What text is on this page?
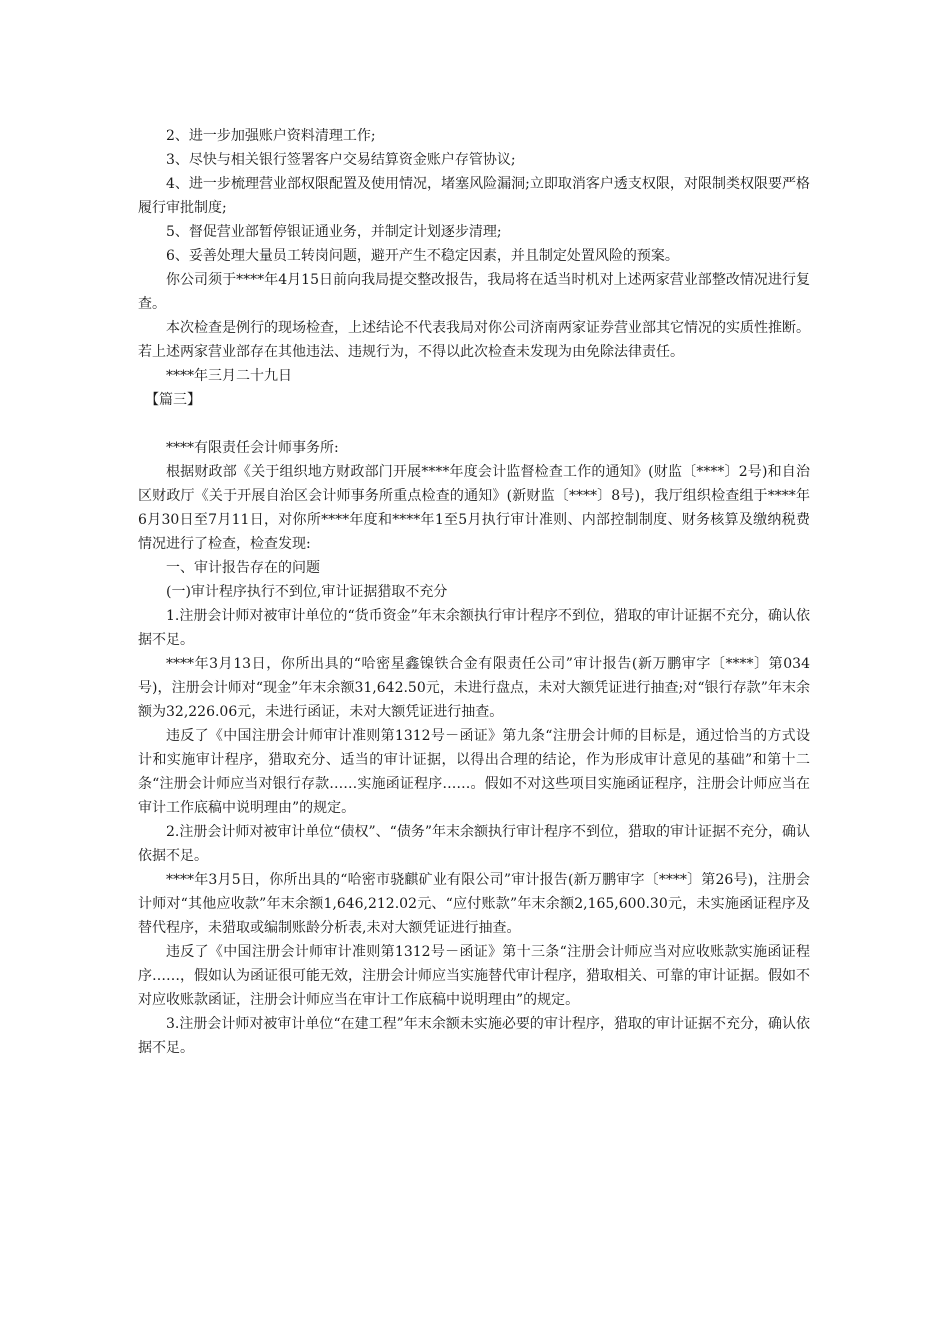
2、进一步加强账户资料清理工作;

3、尽快与相关银行签署客户交易结算资金账户存管协议;

4、进一步梳理营业部权限配置及使用情况，堵塞风险漏洞;立即取消客户透支权限，对限制类权限要严格履行审批制度;

5、督促营业部暂停银证通业务，并制定计划逐步清理;

6、妥善处理大量员工转岗问题，避开产生不稳定因素，并且制定处置风险的预案。

你公司须于****年4月15日前向我局提交整改报告，我局将在适当时机对上述两家营业部整改情况进行复查。

本次检查是例行的现场检查，上述结论不代表我局对你公司济南两家证券营业部其它情况的实质性推断。若上述两家营业部存在其他违法、违规行为，不得以此次检查未发现为由免除法律责任。

****年三月二十九日

【篇三】

****有限责任会计师事务所:

根据财政部《关于组织地方财政部门开展****年度会计监督检查工作的通知》(财监〔****〕2号)和自治区财政厅《关于开展自治区会计师事务所重点检查的通知》(新财监〔****〕8号)，我厅组织检查组于****年6月30日至7月11日，对你所****年度和****年1至5月执行审计准则、内部控制制度、财务核算及缴纳税费情况进行了检查，检查发现:

一、审计报告存在的问题

(一)审计程序执行不到位,审计证据猎取不充分

1.注册会计师对被审计单位的“货币资金”年末余额执行审计程序不到位，猎取的审计证据不充分，确认依据不足。

****年3月13日，你所出具的“哈密星鑫镍铁合金有限责任公司”审计报告(新万鹏审字〔****〕第034号)，注册会计师对“现金”年末余额31,642.50元，未进行盘点，未对大额凭证进行抽查;对“银行存款”年末余额为32,226.06元，未进行函证，未对大额凭证进行抽查。

违反了《中国注册会计师审计准则第1312号－函证》第九条“注册会计师的目标是，通过恰当的方式设计和实施审计程序，猎取充分、适当的审计证据，以得出合理的结论，作为形成审计意见的基础”和第十二条“注册会计师应当对银行存款……实施函证程序……。假如不对这些项目实施函证程序，注册会计师应当在审计工作底稿中说明理由”的规定。

2.注册会计师对被审计单位“债权”、“债务”年末余额执行审计程序不到位，猎取的审计证据不充分，确认依据不足。

****年3月5日，你所出具的“哈密市骁麒矿业有限公司”审计报告(新万鹏审字〔****〕第26号)，注册会计师对“其他应收款”年末余额1,646,212.02元、“应付账款”年末余额2,165,600.30元，未实施函证程序及替代程序，未猎取或编制账龄分析表,未对大额凭证进行抽查。

违反了《中国注册会计师审计准则第1312号－函证》第十三条“注册会计师应当对应收账款实施函证程序……，假如认为函证很可能无效，注册会计师应当实施替代审计程序，猎取相关、可靠的审计证据。假如不对应收账款函证，注册会计师应当在审计工作底稿中说明理由”的规定。

3.注册会计师对被审计单位“在建工程”年末余额未实施必要的审计程序，猎取的审计证据不充分，确认依据不足。
